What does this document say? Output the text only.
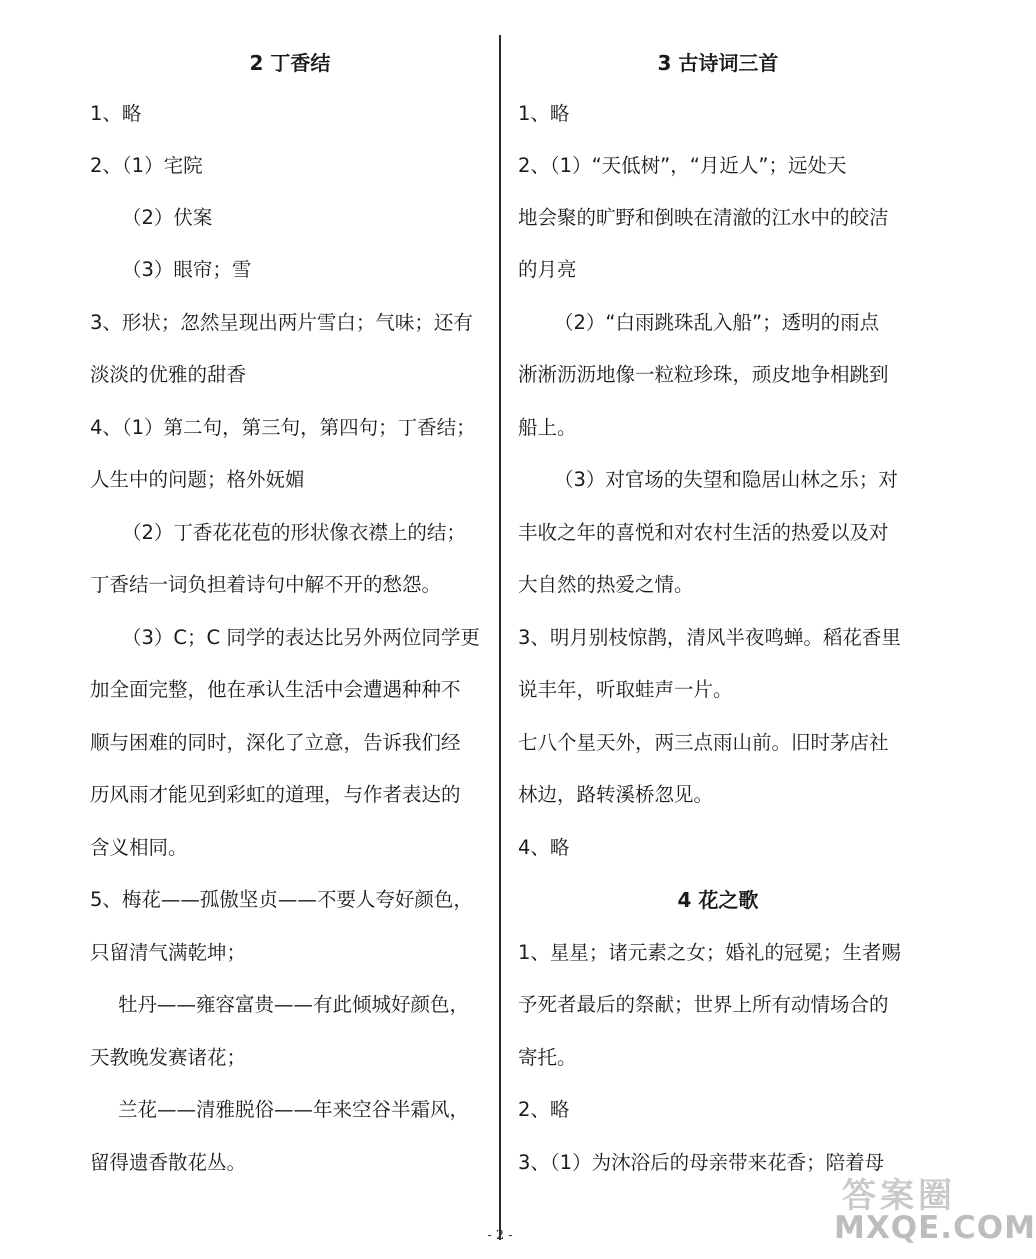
2 丁香结
1、略
2、（1）宅院
（2）伏案
（3）眼帘；雪
3、形状；忽然呈现出两片雪白；气味；还有
淡淡的优雅的甜香
4、（1）第二句，第三句，第四句；丁香结；
人生中的问题；格外妩媚
（2）丁香花花苞的形状像衣襟上的结；
丁香结一词负担着诗句中解不开的愁怨。
（3）C；C 同学的表达比另外两位同学更
加全面完整，他在承认生活中会遭遇种种不
顺与困难的同时，深化了立意，告诉我们经
历风雨才能见到彩虹的道理，与作者表达的
含义相同。
5、梅花——孤傲坚贞——不要人夸好颜色，
只留清气满乾坤；
牡丹——雍容富贵——有此倾城好颜色，
天教晚发赛诸花；
兰花——清雅脱俗——年来空谷半霜风，
留得遗香散花丛。
3 古诗词三首
1、略
2、（1）“天低树”，“月近人”；远处天
地会聚的旷野和倒映在清澈的江水中的皎洁
的月亮
（2）“白雨跳珠乱入船”；透明的雨点
淅淅沥沥地像一粒粒珍珠，顽皮地争相跳到
船上。
（3）对官场的失望和隐居山林之乐；对
丰收之年的喜悦和对农村生活的热爱以及对
大自然的热爱之情。
3、明月别枝惊鹊，清风半夜鸣蝉。稻花香里
说丰年，听取蛙声一片。
七八个星天外，两三点雨山前。旧时茅店社
林边，路转溪桥忽见。
4、略
4 花之歌
1、星星；诸元素之女；婚礼的冠冕；生者赐
予死者最后的祭献；世界上所有动情场合的
寄托。
2、略
3、（1）为沐浴后的母亲带来花香；陪着母
- 2 -
答案圈
MXQE.COM
